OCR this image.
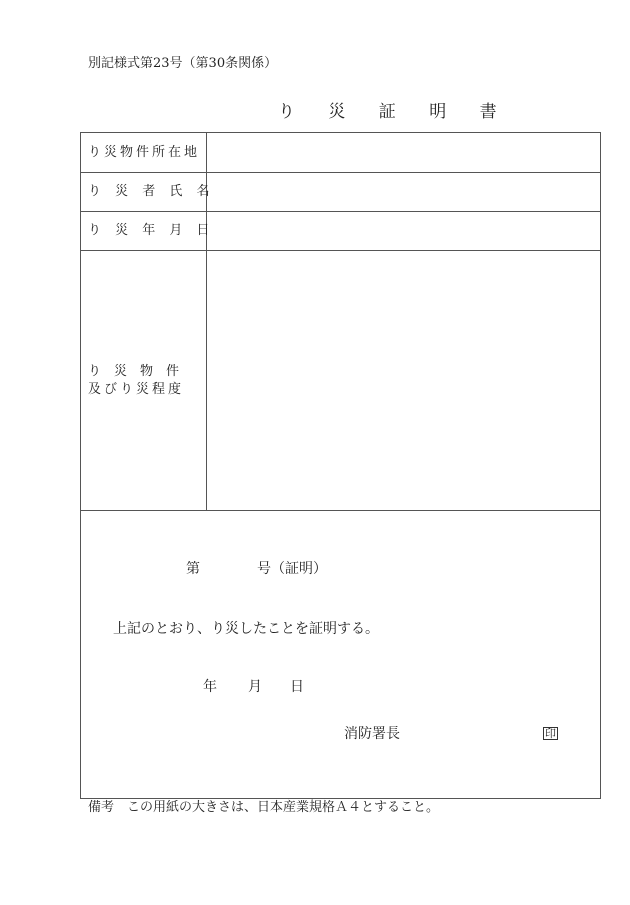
別記様式第23号（第30条関係）
り 災 証 明 書
り災物件所在地
り 災 者 氏 名
り 災 年 月 日
り　災　物　件
及びり災程度
第	号（証明）
上記のとおり、り災したことを証明する。
年 月 日
消防署長	印
備考　この用紙の大きさは、日本産業規格Ａ４とすること。
